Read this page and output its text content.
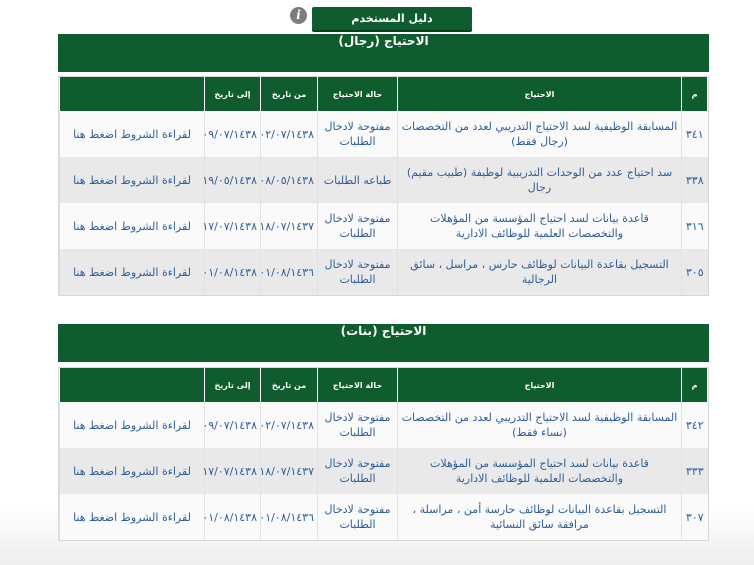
i	دليل المستخدم
الاحتياج (رجال)
م	الاحتياج	حالة الاحتياج	من تاريخ	إلى تاريخ	
٣٤١	المسابقة الوظيفية لسد الاحتياج التدريبي لعدد من التخصصات (رجال فقط)	مفتوحة لادخال الطلبات	٠٢/٠٧/١٤٣٨	٠٩/٠٧/١٤٣٨	لقراءة الشروط اضغط هنا
٣٣٨	سد احتياج عدد من الوحدات التدريبية لوظيفة (طبيب مقيم) رجال	طباعه الطلبات	٠٨/٠٥/١٤٣٨	١٩/٠٥/١٤٣٨	لقراءة الشروط اضغط هنا
٣١٦	قاعدة بيانات لسد احتياج المؤسسة من المؤهلات والتخصصات العلمية للوظائف الادارية	مفتوحة لادخال الطلبات	١٨/٠٧/١٤٣٧	١٧/٠٧/١٤٣٨	لقراءة الشروط اضغط هنا
٣٠٥	التسجيل بقاعدة البيانات لوظائف حارس ، مراسل ، سائق الرجالية	مفتوحة لادخال الطلبات	٠١/٠٨/١٤٣٦	٠١/٠٨/١٤٣٨	لقراءة الشروط اضغط هنا
الاحتياج (بنات)
م	الاحتياج	حالة الاحتياج	من تاريخ	إلى تاريخ	
٣٤٢	المسابقة الوظيفية لسد الاحتياج التدريبي لعدد من التخصصات (نساء فقط)	مفتوحة لادخال الطلبات	٠٢/٠٧/١٤٣٨	٠٩/٠٧/١٤٣٨	لقراءة الشروط اضغط هنا
٣٣٣	قاعدة بيانات لسد احتياج المؤسسة من المؤهلات والتخصصات العلمية للوظائف الادارية	مفتوحة لادخال الطلبات	١٨/٠٧/١٤٣٧	١٧/٠٧/١٤٣٨	لقراءة الشروط اضغط هنا
٣٠٧	التسجيل بقاعدة البيانات لوظائف حارسة أمن ، مراسلة ، مرافقة سائق النسائية	مفتوحة لادخال الطلبات	٠١/٠٨/١٤٣٦	٠١/٠٨/١٤٣٨	لقراءة الشروط اضغط هنا
